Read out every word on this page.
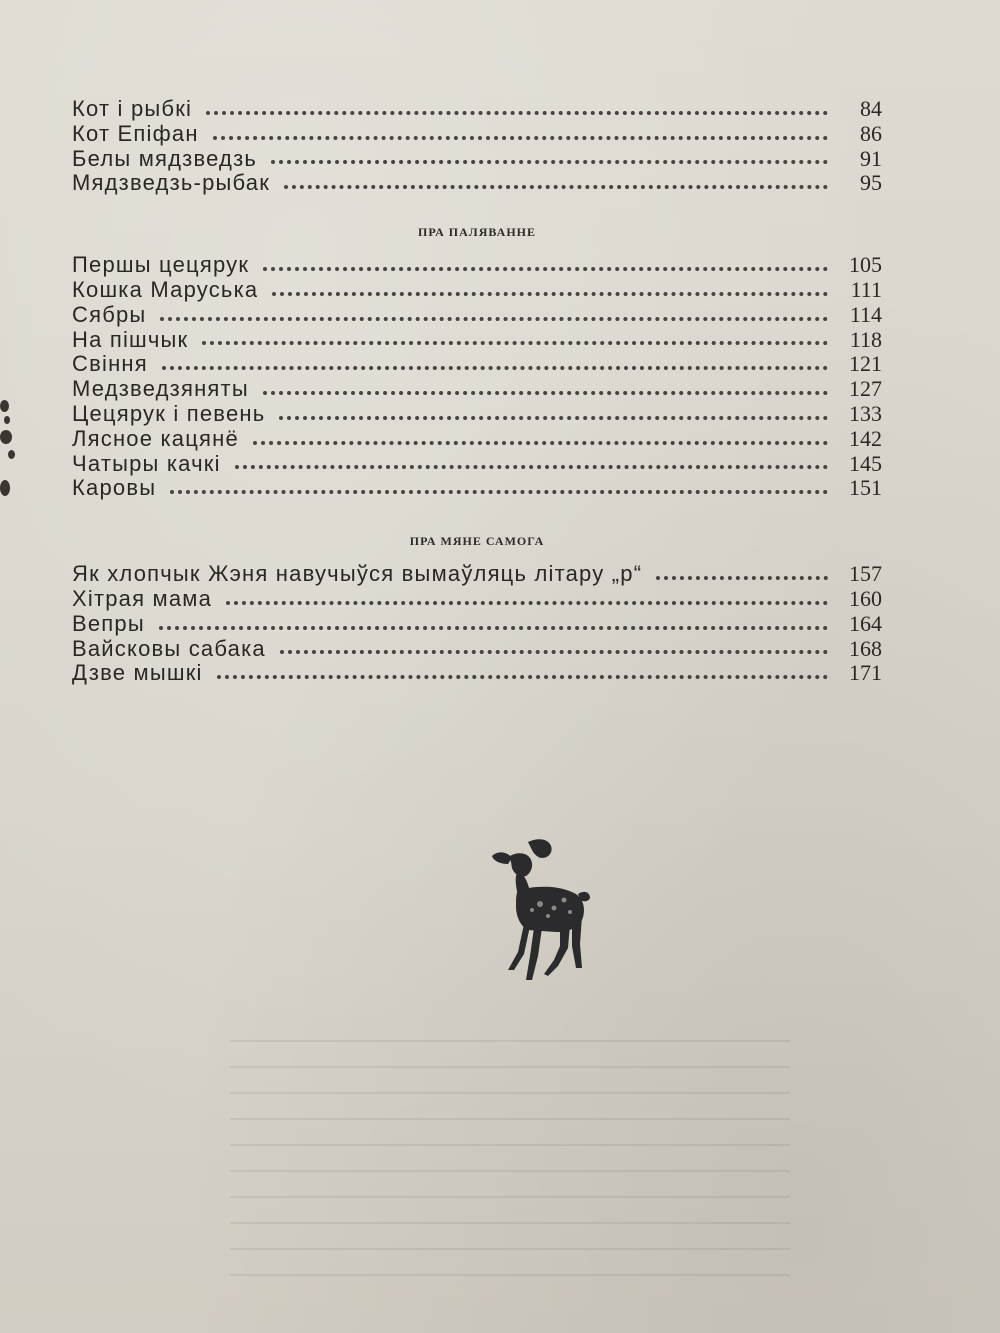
Кот і рыбкі	84
Кот Епіфан	86
Белы мядзведзь	91
Мядзведзь-рыбак	95
ПРА ПАЛЯВАННЕ
Першы цецярук	105
Кошка Маруська	111
Сябры	114
На пішчык	118
Свіння	121
Медзведзяняты	127
Цецярук і певень	133
Лясное кацянё	142
Чатыры качкі	145
Каровы	151
ПРА МЯНЕ САМОГА
Як хлопчык Жэня навучыўся вымаўляць літару „р“	157
Хітрая мама	160
Вепры	164
Вайсковы сабака	168
Дзве мышкі	171
